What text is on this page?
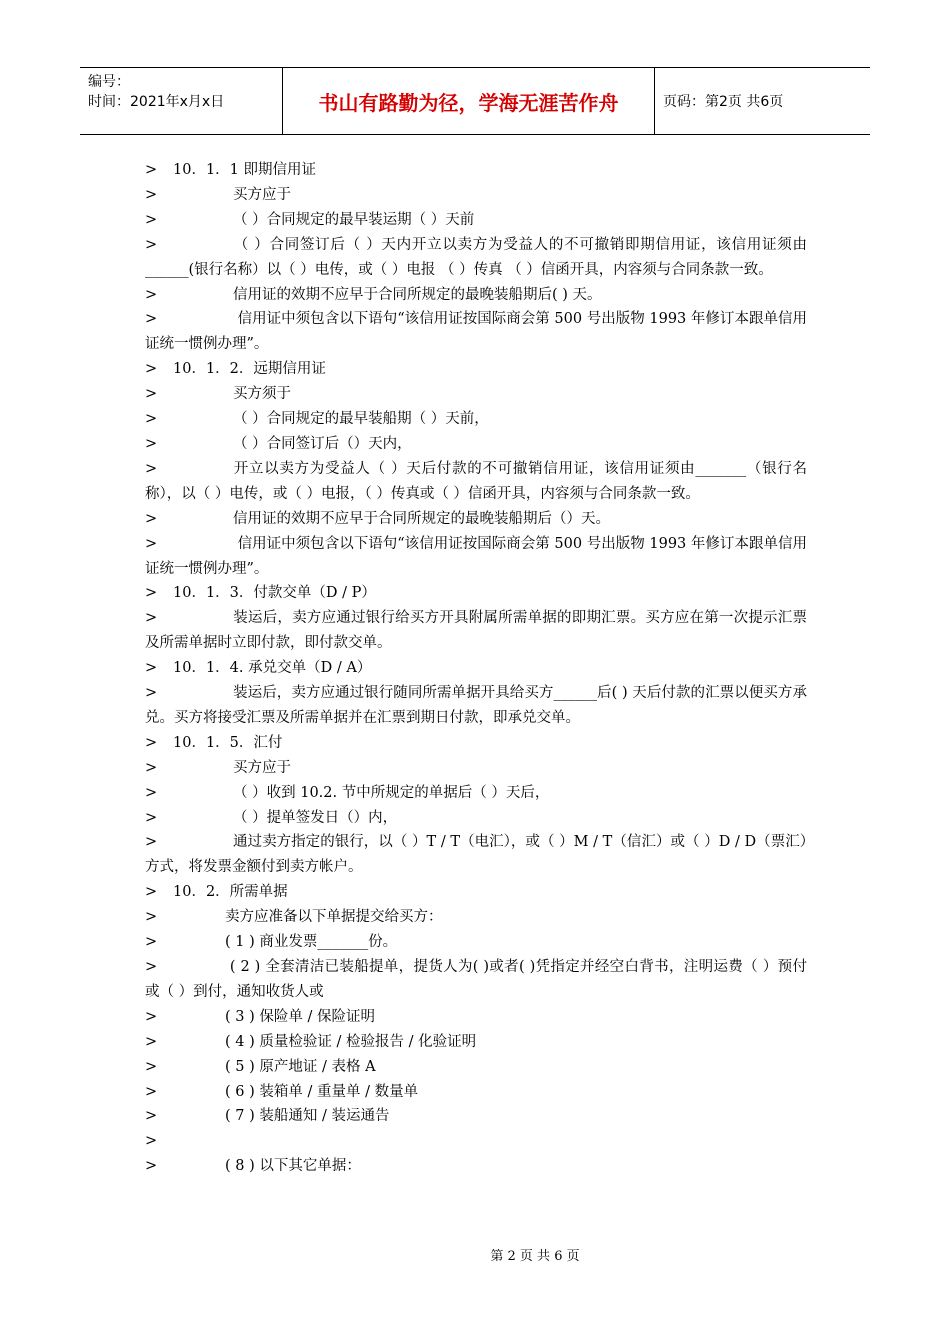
编号：
时间：2021年x月x日	书山有路勤为径，学海无涯苦作舟	页码：第2页 共6页
> 10．1．1 即期信用证
>	买方应于
>	（ ）合同规定的最早装运期（ ）天前
>	（ ）合同签订后（ ）天内开立以卖方为受益人的不可撤销即期信用证，该信用证须由 ______(银行名称）以（ ）电传，或（ ）电报 （ ）传真 （ ）信函开具，内容须与合同条款一致。
>	信用证的效期不应早于合同所规定的最晚装船期后( ) 天。
>	信用证中须包含以下语句“该信用证按国际商会第 500 号出版物 1993 年修订本跟单信用证统一惯例办理”。
> 10．1．2．远期信用证
>	买方须于
>	（ ）合同规定的最早装船期（ ）天前，
>	（ ）合同签订后（）天内，
>	开立以卖方为受益人（ ）天后付款的不可撤销信用证，该信用证须由_______（银行名称），以（ ）电传，或（ ）电报，（ ）传真或（ ）信函开具，内容须与合同条款一致。
>	信用证的效期不应早于合同所规定的最晚装船期后（）天。
>	信用证中须包含以下语句“该信用证按国际商会第 500 号出版物 1993 年修订本跟单信用证统一惯例办理”。
> 10．1．3．付款交单（D / P）
>	装运后，卖方应通过银行给买方开具附属所需单据的即期汇票。买方应在第一次提示汇票及所需单据时立即付款，即付款交单。
> 10．1．4. 承兑交单（D / A）
>	装运后，卖方应通过银行随同所需单据开具给买方______后( ) 天后付款的汇票以便买方承兑。买方将接受汇票及所需单据并在汇票到期日付款，即承兑交单。
> 10．1．5．汇付
>	买方应于
>	（ ）收到 10.2. 节中所规定的单据后（ ）天后，
>	（ ）提单签发日（）内，
>	通过卖方指定的银行，以（ ）T / T（电汇），或（ ）M / T（信汇）或（ ）D / D（票汇）方式，将发票金额付到卖方帐户。
> 10．2．所需单据
>	卖方应准备以下单据提交给买方：
>	( 1 ) 商业发票_______份。
>	( 2 ) 全套清洁已装船提单，提货人为( )或者( )凭指定并经空白背书，注明运费（ ）预付或（ ）到付，通知收货人或
>	( 3 ) 保险单 / 保险证明
>	( 4 ) 质量检验证 / 检验报告 / 化验证明
>	( 5 ) 原产地证 / 表格 A
>	( 6 ) 装箱单 / 重量单 / 数量单
>	( 7 ) 装船通知 / 装运通告
>
>	( 8 ) 以下其它单据：
第 2 页 共 6 页
